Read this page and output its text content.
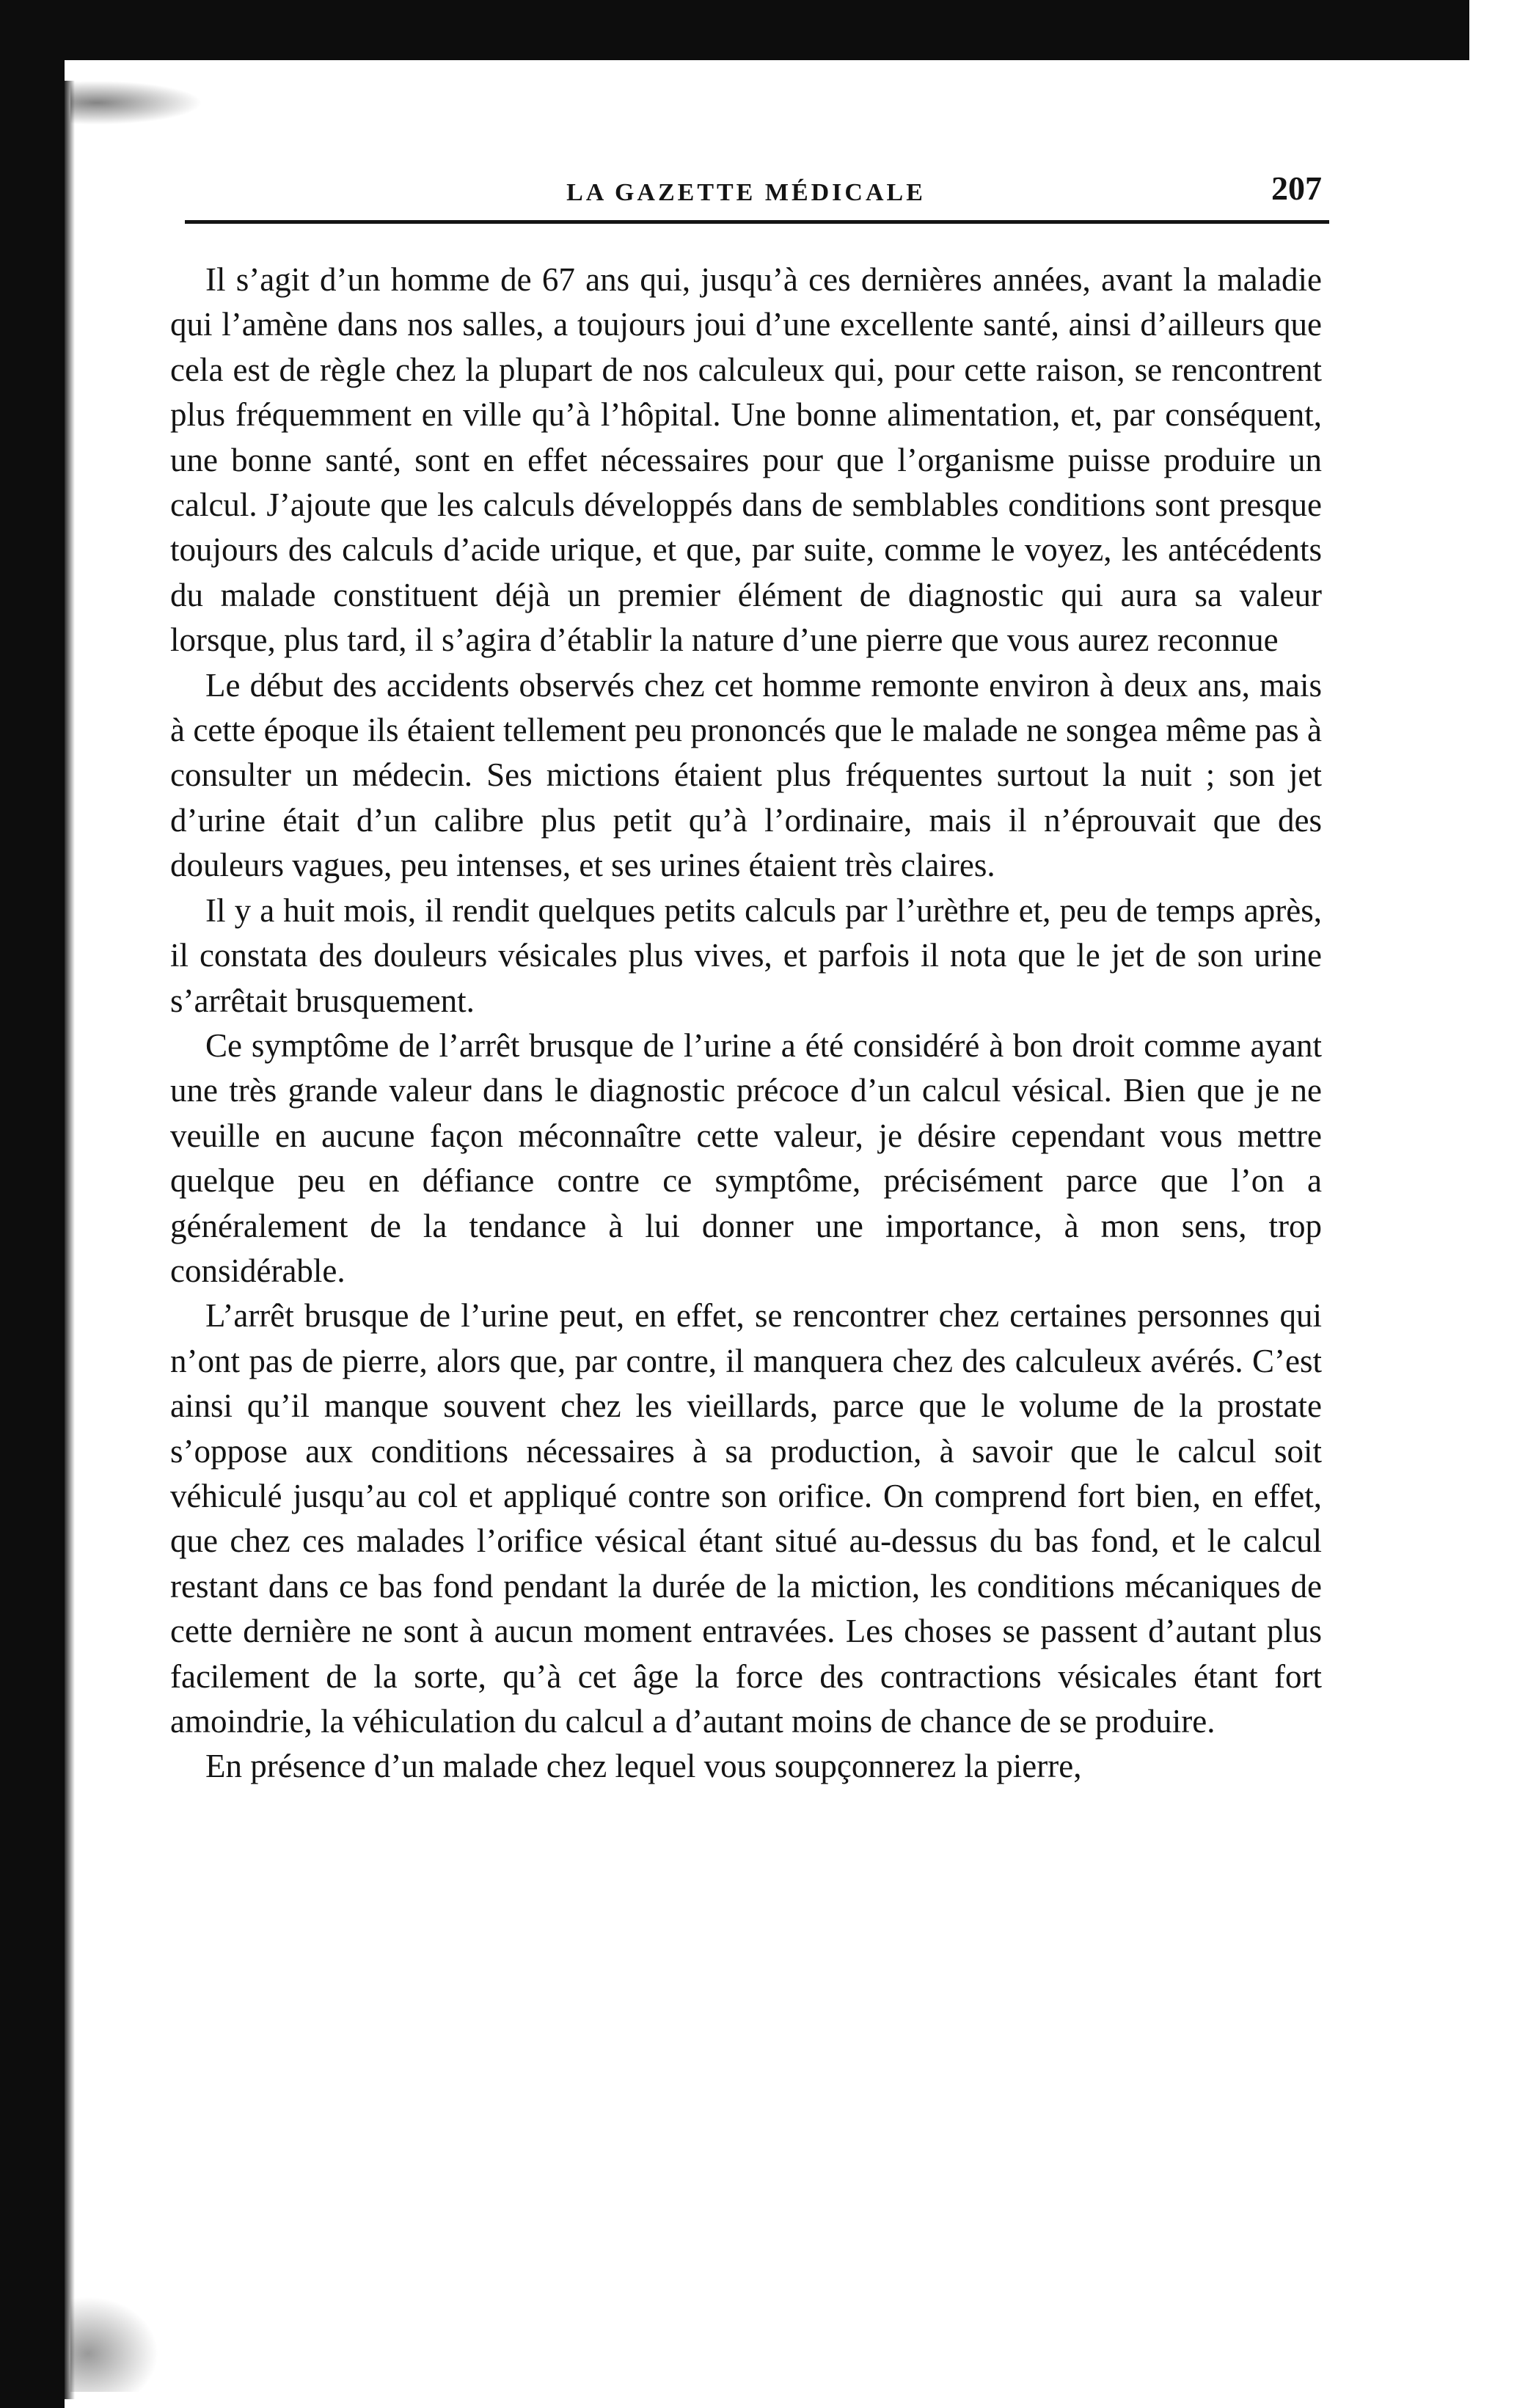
LA GAZETTE MÉDICALE	207

Il s’agit d’un homme de 67 ans qui, jusqu’à ces dernières années, avant la maladie qui l’amène dans nos salles, a toujours joui d’une excellente santé, ainsi d’ailleurs que cela est de règle chez la plupart de nos calculeux qui, pour cette raison, se rencontrent plus fréquemment en ville qu’à l’hôpital. Une bonne alimentation, et, par conséquent, une bonne santé, sont en effet nécessaires pour que l’organisme puisse produire un calcul. J’ajoute que les calculs développés dans de semblables conditions sont presque toujours des calculs d’acide urique, et que, par suite, comme le voyez, les antécédents du malade constituent déjà un premier élément de diagnostic qui aura sa valeur lorsque, plus tard, il s’agira d’établir la nature d’une pierre que vous aurez reconnue

Le début des accidents observés chez cet homme remonte environ à deux ans, mais à cette époque ils étaient tellement peu prononcés que le malade ne songea même pas à consulter un médecin. Ses mictions étaient plus fréquentes surtout la nuit ; son jet d’urine était d’un calibre plus petit qu’à l’ordinaire, mais il n’éprouvait que des douleurs vagues, peu intenses, et ses urines étaient très claires.

Il y a huit mois, il rendit quelques petits calculs par l’urèthre et, peu de temps après, il constata des douleurs vésicales plus vives, et parfois il nota que le jet de son urine s’arrêtait brusquement.

Ce symptôme de l’arrêt brusque de l’urine a été considéré à bon droit comme ayant une très grande valeur dans le diagnostic précoce d’un calcul vésical. Bien que je ne veuille en aucune façon méconnaître cette valeur, je désire cependant vous mettre quelque peu en défiance contre ce symptôme, précisément parce que l’on a généralement de la tendance à lui donner une importance, à mon sens, trop considérable.

L’arrêt brusque de l’urine peut, en effet, se rencontrer chez certaines personnes qui n’ont pas de pierre, alors que, par contre, il manquera chez des calculeux avérés. C’est ainsi qu’il manque souvent chez les vieillards, parce que le volume de la prostate s’oppose aux conditions nécessaires à sa production, à savoir que le calcul soit véhiculé jusqu’au col et appliqué contre son orifice. On comprend fort bien, en effet, que chez ces malades l’orifice vésical étant situé au-dessus du bas fond, et le calcul restant dans ce bas fond pendant la durée de la miction, les conditions mécaniques de cette dernière ne sont à aucun moment entravées. Les choses se passent d’autant plus facilement de la sorte, qu’à cet âge la force des contractions vésicales étant fort amoindrie, la véhiculation du calcul a d’autant moins de chance de se produire.

En présence d’un malade chez lequel vous soupçonnerez la pierre,
